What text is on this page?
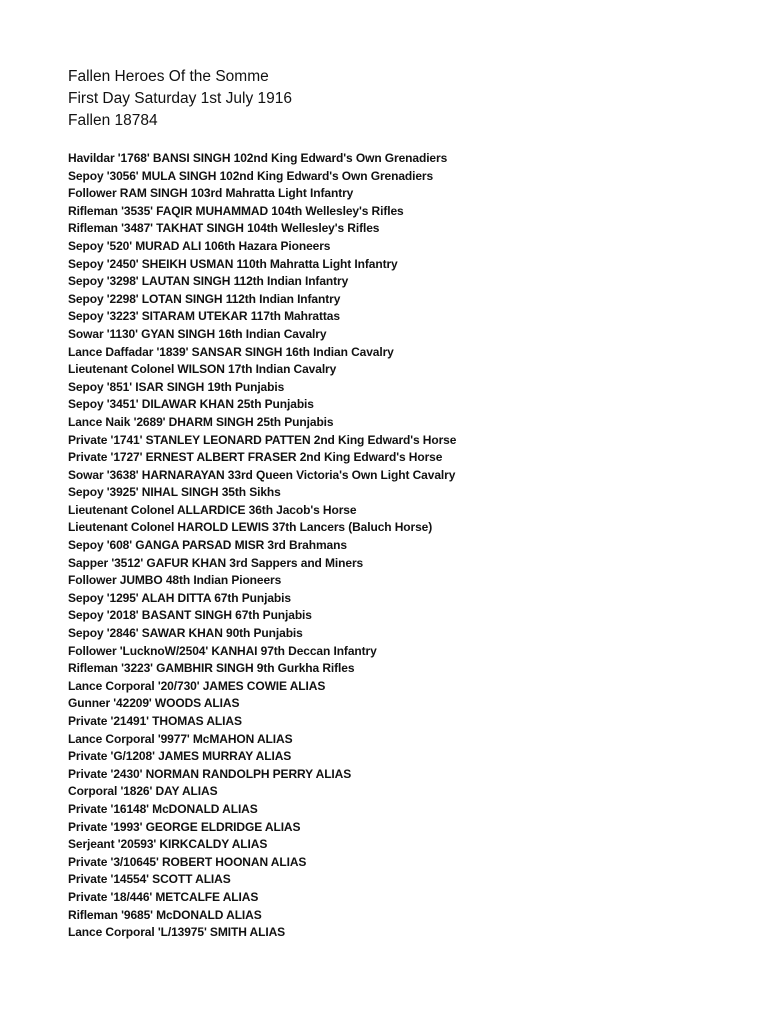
Fallen Heroes Of the Somme
First Day Saturday 1st July 1916
Fallen 18784
Havildar '1768' BANSI SINGH 102nd King Edward's Own Grenadiers
Sepoy '3056' MULA SINGH 102nd King Edward's Own Grenadiers
Follower RAM SINGH 103rd Mahratta Light Infantry
Rifleman '3535' FAQIR MUHAMMAD 104th Wellesley's Rifles
Rifleman '3487' TAKHAT SINGH 104th Wellesley's Rifles
Sepoy '520' MURAD ALI 106th Hazara Pioneers
Sepoy '2450' SHEIKH USMAN 110th Mahratta Light Infantry
Sepoy '3298' LAUTAN SINGH 112th Indian Infantry
Sepoy '2298' LOTAN SINGH 112th Indian Infantry
Sepoy '3223' SITARAM UTEKAR 117th Mahrattas
Sowar '1130' GYAN SINGH 16th Indian Cavalry
Lance Daffadar '1839' SANSAR SINGH 16th Indian Cavalry
Lieutenant Colonel WILSON 17th Indian Cavalry
Sepoy '851' ISAR SINGH 19th Punjabis
Sepoy '3451' DILAWAR KHAN 25th Punjabis
Lance Naik '2689' DHARM SINGH 25th Punjabis
Private '1741' STANLEY LEONARD PATTEN 2nd King Edward's Horse
Private '1727' ERNEST ALBERT FRASER 2nd King Edward's Horse
Sowar '3638' HARNARAYAN 33rd Queen Victoria's Own Light Cavalry
Sepoy '3925' NIHAL SINGH 35th Sikhs
Lieutenant Colonel ALLARDICE 36th Jacob's Horse
Lieutenant Colonel HAROLD LEWIS 37th Lancers (Baluch Horse)
Sepoy '608' GANGA PARSAD MISR 3rd Brahmans
Sapper '3512' GAFUR KHAN 3rd Sappers and Miners
Follower JUMBO 48th Indian Pioneers
Sepoy '1295' ALAH DITTA 67th Punjabis
Sepoy '2018' BASANT SINGH 67th Punjabis
Sepoy '2846' SAWAR KHAN 90th Punjabis
Follower 'LucknoW/2504' KANHAI 97th Deccan Infantry
Rifleman '3223' GAMBHIR SINGH 9th Gurkha Rifles
Lance Corporal '20/730' JAMES COWIE ALIAS
Gunner '42209' WOODS ALIAS
Private '21491' THOMAS ALIAS
Lance Corporal '9977' McMAHON ALIAS
Private 'G/1208' JAMES MURRAY ALIAS
Private '2430' NORMAN RANDOLPH PERRY ALIAS
Corporal '1826' DAY ALIAS
Private '16148' McDONALD ALIAS
Private '1993' GEORGE ELDRIDGE ALIAS
Serjeant '20593' KIRKCALDY ALIAS
Private '3/10645' ROBERT HOONAN ALIAS
Private '14554' SCOTT ALIAS
Private '18/446' METCALFE ALIAS
Rifleman '9685' McDONALD ALIAS
Lance Corporal 'L/13975' SMITH ALIAS
